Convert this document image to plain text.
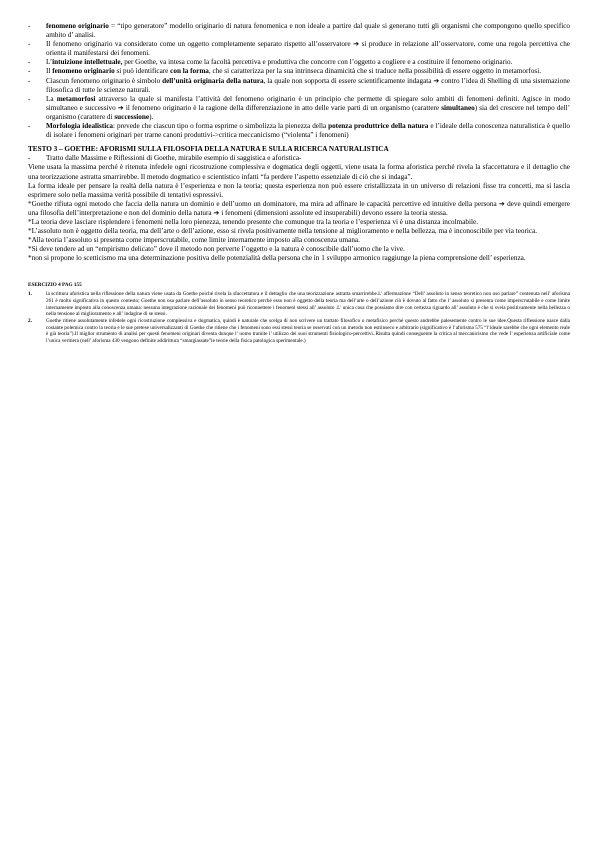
-	fenomeno originario = “tipo generatore” modello originario di natura fenomenica e non ideale a partire dal quale si generano tutti gli organismi che compongono quello specifico ambito d’ analisi.
-	Il fenomeno originario va considerato come un oggetto completamente separato rispetto all’osservatore ➔ si produce in relazione all’osservatore, come una regola percettiva che orienta il manifestarsi dei fenomeni.
-	L’intuizione intellettuale, per Goethe, va intesa come la facoltà percettiva e produttiva che concorre con l’oggetto a cogliere e a costituire il fenomeno originario.
-	Il fenomeno originario si può identificare con la forma, che si caratterizza per la sua intrinseca dinamicità che si traduce nella possibilità di essere oggetto in metamorfosi.
-	Ciascun fenomeno originario è simbolo dell’unità originaria della natura, la quale non sopporta di essere scientificamente indagata ➔ contro l’idea di Shelling di una sistemazione filosofica di tutte le scienze naturali.
-	La metamorfosi attraverso la quale si manifesta l’attività del fenomeno originario è un principio che permette di spiegare solo ambiti di fenomeni definiti. Agisce in modo simultaneo e successivo ➔ il fenomeno originario è la ragione della differenziazione in atto delle varie parti di un organismo (carattere simultaneo) sia del crescere nel tempo dell’ organismo (carattere di successione).
-	Morfologia idealistica: prevede che ciascun tipo o forma esprime o simbolizza la pienezza della potenza produttrice della natura e l’ideale della conoscenza naturalistica è quello di isolare i fenomeni originari per trarne canoni produttivi->critica meccanicismo (“violenta” i fenomeni)
TESTO 3 – GOETHE: AFORISMI SULLA FILOSOFIA DELLA NATURA E SULLA RICERCA NATURALISTICA
-	Tratto dalle Massime e Riflessioni di Goethe, mirabile esempio di saggistica e aforistica-
Viene usata la massima perché è ritenuta infedele ogni ricostruzione complessiva e dogmatica degli oggetti, viene usata la forma aforistica perché rivela la sfaccettatura e il dettaglio che una teorizzazione astratta smarrirebbe. Il metodo dogmatico e scientistico infatti “fa perdere l’aspetto essenziale di ciò che si indaga”.
La forma ideale per pensare la realtà della natura è l’esperienza e non la teoria; questa esperienza non può essere cristallizzata in un universo di relazioni fisse tra concetti, ma si lascia esprimere solo nella massima verità possibile di tentativi espressivi.
*Goethe rifiuta ogni metodo che faccia della natura un dominio e dell’uomo un dominatore, ma mira ad affinare le capacità percettive ed intuitive della persona ➔ deve quindi emergere una filosofia dell’interpretazione e non del dominio della natura ➔ i fenomeni (dimensioni assolute ed insuperabili) devono essere la teoria stessa.
*La teoria deve lasciare risplendere i fenomeni nella loro pienezza, tenendo presente che comunque tra la teoria e l’esperienza vi è una distanza incolmabile.
*L’assoluto non è oggetto della teoria, ma dell’arte o dell’azione, esso si rivela positivamente nella tensione al miglioramento e nella bellezza, ma è inconoscibile per via teorica.
*Alla teoria l’assoluto si presenta come imperscrutabile, come limite internamente imposto alla conoscenza umana.
*Si deve tendere ad un “empirismo delicato” dove il metodo non perverte l’oggetto e la natura è conoscibile dall’uomo che la vive.
*non si propone lo scetticismo ma una determinazione positiva delle potenzialità della persona che in 1 sviluppo armonico raggiunge la piena comprensione dell’ esperienza.
ESERCIZIO 4 PAG 155
1.	la scrittura aforistica nella riflessione della natura viene usata da Goethe poiché rivela la sfaccettatura e il dettaglio che una teorizzazione astratta smarrirebbe.L’ affermazione “Dell’ assoluto in senso teoretico non oso parlare” contenuta nell’ aforisma 261 è molto significativa in questo contesto; Goethe non osa parlare dell’assoluto in senso teoretico perché esso non è oggetto della teoria ma dell’arte o dell’azione ciò è dovuto al fatto che l’ assoluto si presenta come imperscrutabile e come limite internamente imposto alla conoscenza umana: nessuna integrazione razionale dei fenomeni può riconnettere i fenomeni stessi all’ assoluto .L’ unica cosa che possiamo dire con certezza riguardo all’ assoluto è che si svela positivamente nella bellezza o nella tensione al miglioramento e all’ indagine di se stessi.
2.	Goethe ritiene assolutamente infedele ogni ricostruzione complessiva e dogmatica, quindi è naturale che scelga di non scrivere un trattato filosofico o metafisico perché questo andrebbe palesemente contro le sue idee.Questa riflessione nasce dalla costante polemica contro la teoria e le sue pretese universalizzanti di Goethe che ritiene che i fenomeni sono essi stessi teoria se osservati con un metodo non estrinseco e arbitrario (significativo è l’aforisma 575 “l’ideale sarebbe che ogni elemento reale è già teoria”).Il miglior strumento di analisi per questi fenomeni originari diventa dunque l’ uomo tramite l’ utilizzo dei suoi strumenti fisiologico-percettivi..Risulta quindi conseguente la critica al meccanicismo che vede l’ esperienza artificiale come l’unica veritiera (nell’ aforisma 430 vengono definite addirittura “smargiassate”le teorie della fisica patologica sperimentale.)
